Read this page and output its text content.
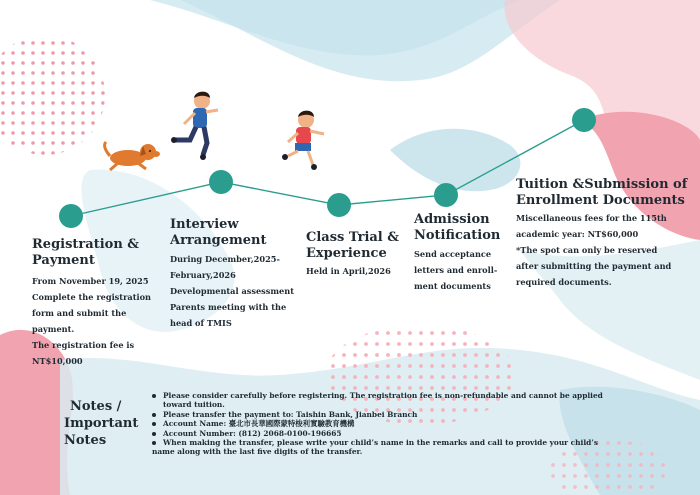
Registration &
Payment
From November 19, 2025
Complete the registration
form and submit the
payment.
The registration fee is
NT$10,000
Interview
Arrangement
During December,2025-
February,2026
Developmental assessment
Parents meeting with the
head of TMIS
Class Trial &
Experience
Held in April,2026
Admission
Notification
Send acceptance
letters and enroll-
ment documents
Tuition &Submission of
Enrollment Documents
Miscellaneous fees for the 115th
academic year: NT$60,000
*The spot can only be reserved
after submitting the payment and
required documents.
Notes /
Important
Notes
Please consider carefully before registering. The registration fee is non-refundable and cannot be applied
toward tuition.
Please transfer the payment to: Taishin Bank, Jianbei Branch
Account Name: 臺北市長華國際蒙特梭利實驗教育機構
Account Number: (812) 2068-0100-196665
When making the transfer, please write your child’s name in the remarks and call to provide your child’s
name along with the last five digits of the transfer.
